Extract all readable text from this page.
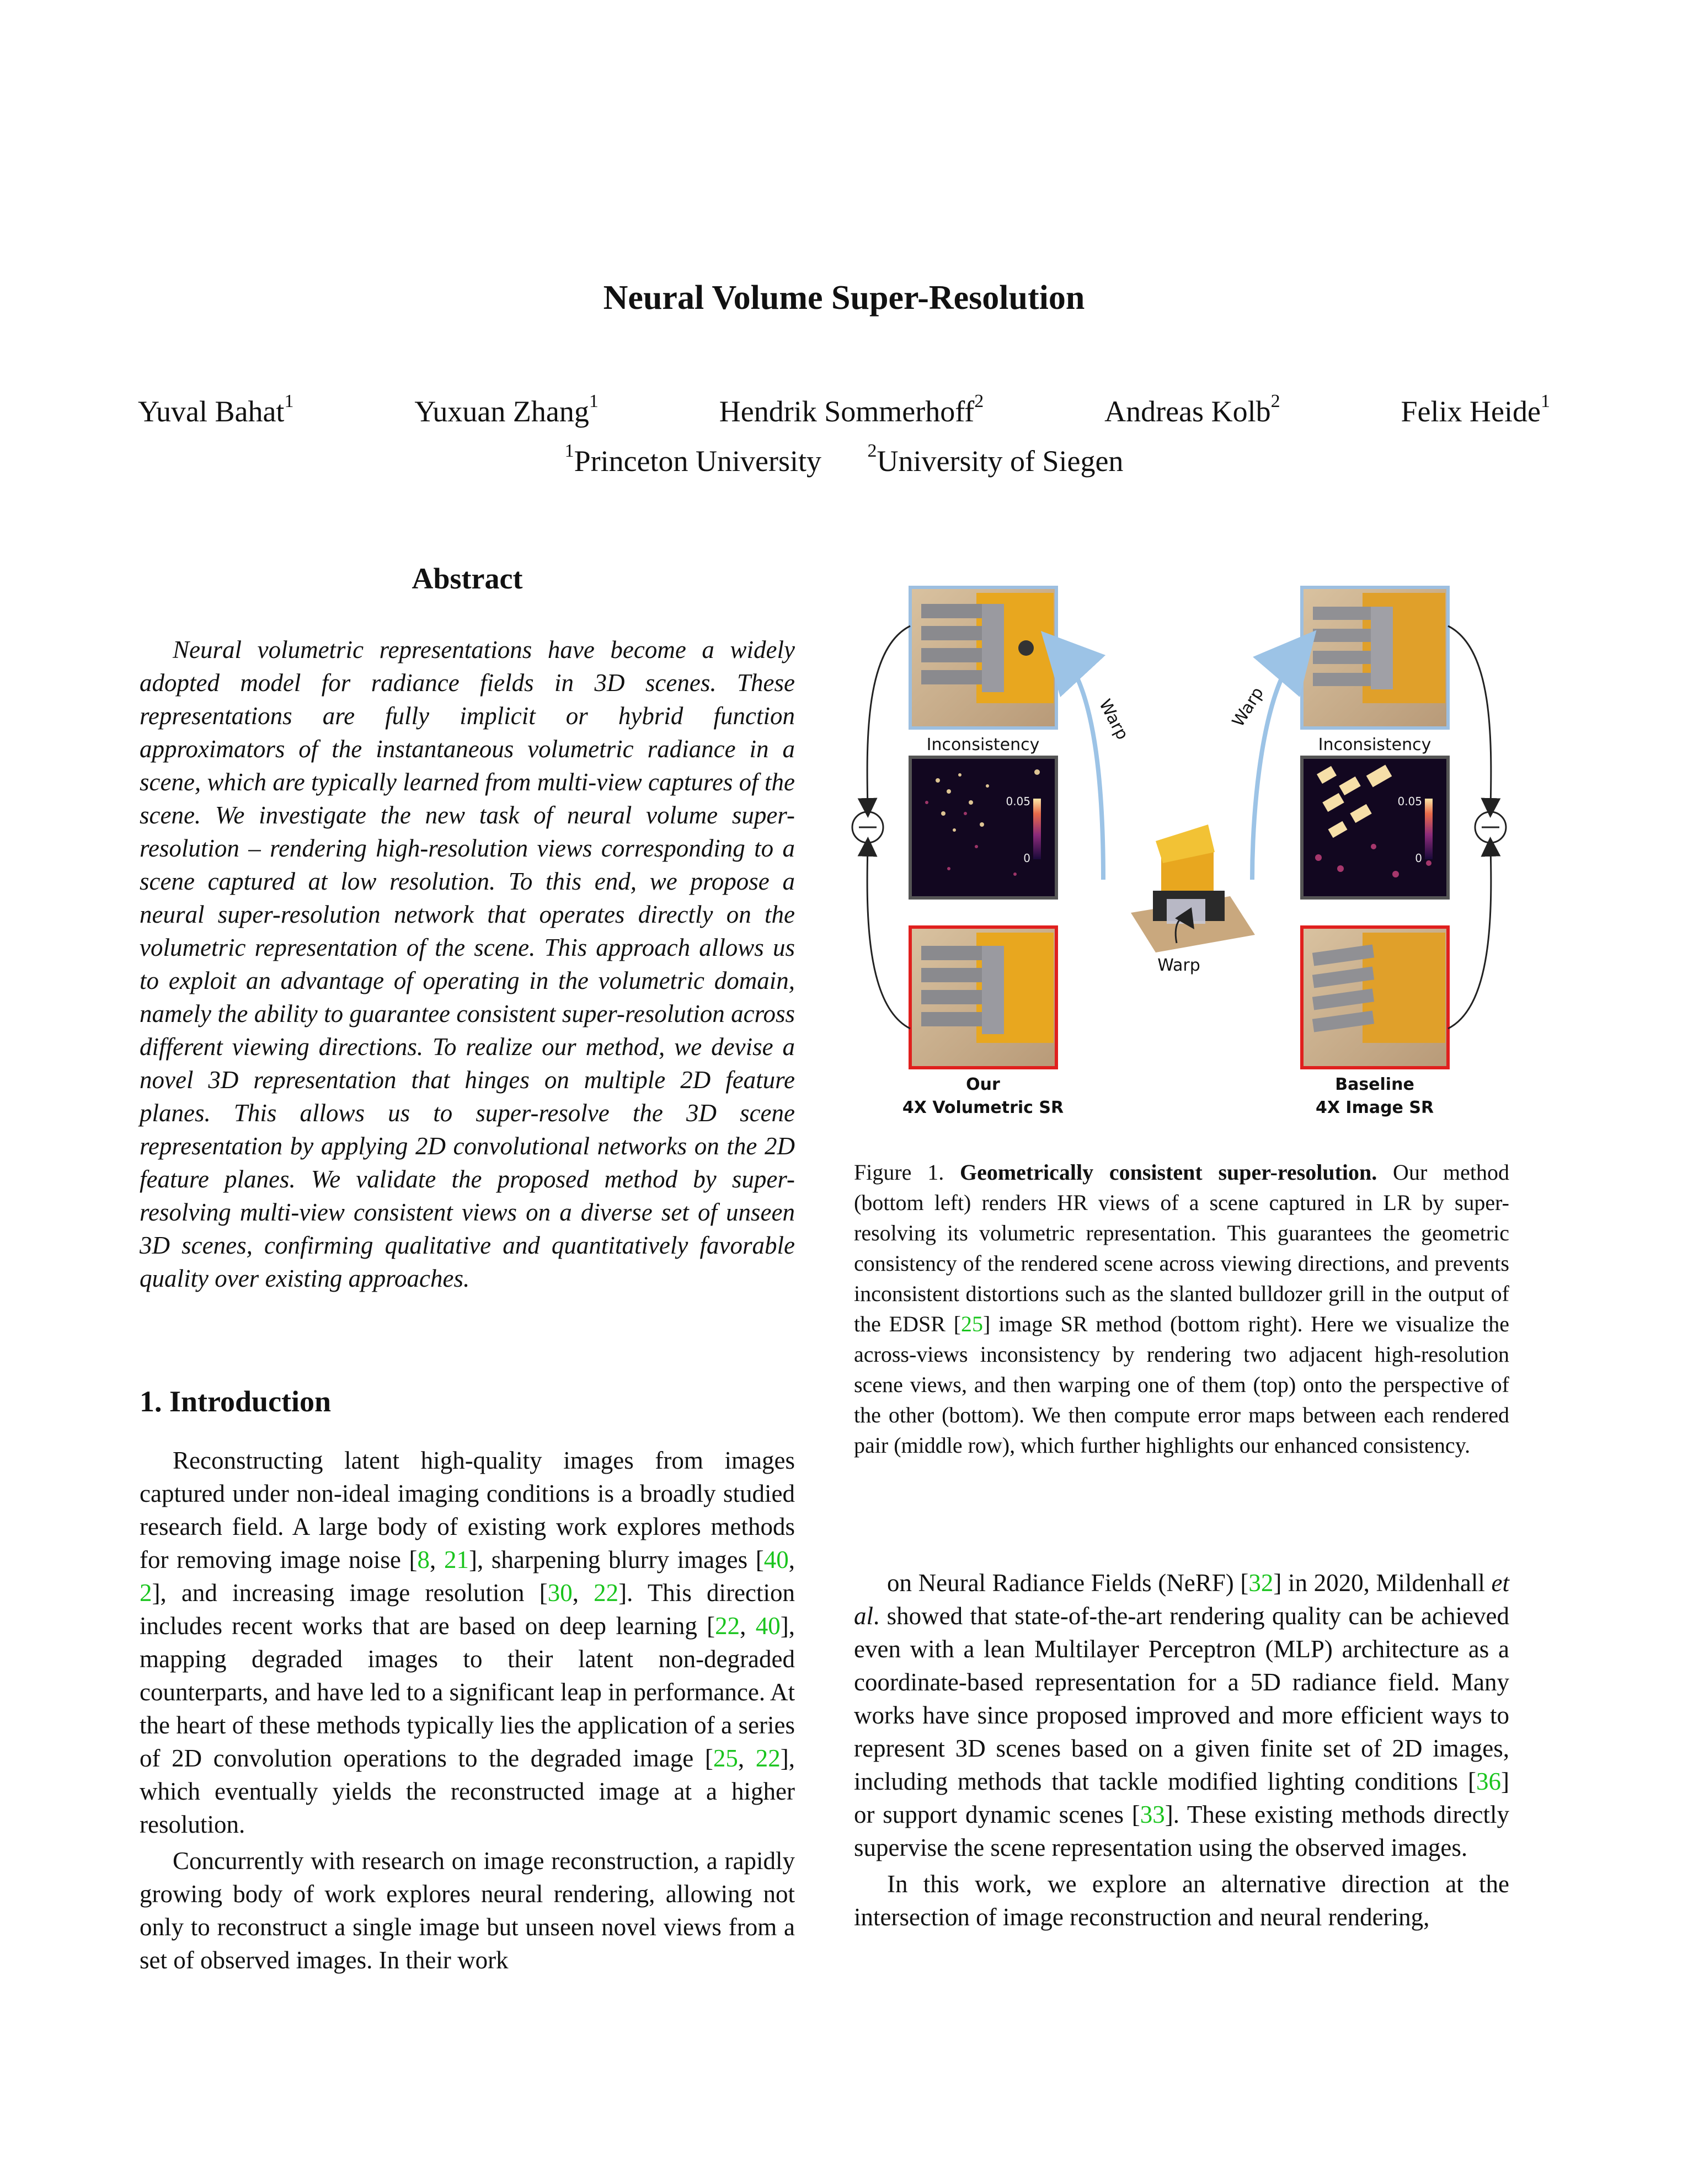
Neural Volume Super-Resolution
Yuval Bahat$^1$	Yuxuan Zhang$^1$	Hendrik Sommerhoff$^2$	Andreas Kolb$^2$	Felix Heide$^1$
$^1$Princeton University $^2$University of Siegen
Abstract

Neural volumetric representations have become a widely adopted model for radiance fields in 3D scenes. These representations are fully implicit or hybrid function approximators of the instantaneous volumetric radiance in a scene, which are typically learned from multi-view captures of the scene. We investigate the new task of neural volume super-resolution – rendering high-resolution views corresponding to a scene captured at low resolution. To this end, we propose a neural super-resolution network that operates directly on the volumetric representation of the scene. This approach allows us to exploit an advantage of operating in the volumetric domain, namely the ability to guarantee consistent super-resolution across different viewing directions. To realize our method, we devise a novel 3D representation that hinges on multiple 2D feature planes. This allows us to super-resolve the 3D scene representation by applying 2D convolutional networks on the 2D feature planes. We validate the proposed method by super-resolving multi-view consistent views on a diverse set of unseen 3D scenes, confirming qualitative and quantitatively favorable quality over existing approaches.

1. Introduction

Reconstructing latent high-quality images from images captured under non-ideal imaging conditions is a broadly studied research field. A large body of existing work explores methods for removing image noise [8, 21], sharpening blurry images [40, 2], and increasing image resolution [30, 22]. This direction includes recent works that are based on deep learning [22, 40], mapping degraded images to their latent non-degraded counterparts, and have led to a significant leap in performance. At the heart of these methods typically lies the application of a series of 2D convolution operations to the degraded image [25, 22], which eventually yields the reconstructed image at a higher resolution.

Concurrently with research on image reconstruction, a rapidly growing body of work explores neural rendering, allowing not only to reconstruct a single image but unseen novel views from a set of observed images. In their work

Inconsistency	Inconsistency
0.05
0
0.05
0
Our
4X Volumetric SR
Baseline
4X Image SR
Warp	Warp
Warp

Figure 1. Geometrically consistent super-resolution. Our method (bottom left) renders HR views of a scene captured in LR by super-resolving its volumetric representation. This guarantees the geometric consistency of the rendered scene across viewing directions, and prevents inconsistent distortions such as the slanted bulldozer grill in the output of the EDSR [25] image SR method (bottom right). Here we visualize the across-views inconsistency by rendering two adjacent high-resolution scene views, and then warping one of them (top) onto the perspective of the other (bottom). We then compute error maps between each rendered pair (middle row), which further highlights our enhanced consistency.

on Neural Radiance Fields (NeRF) [32] in 2020, Mildenhall et al. showed that state-of-the-art rendering quality can be achieved even with a lean Multilayer Perceptron (MLP) architecture as a coordinate-based representation for a 5D radiance field. Many works have since proposed improved and more efficient ways to represent 3D scenes based on a given finite set of 2D images, including methods that tackle modified lighting conditions [36] or support dynamic scenes [33]. These existing methods directly supervise the scene representation using the observed images.

In this work, we explore an alternative direction at the intersection of image reconstruction and neural rendering,
